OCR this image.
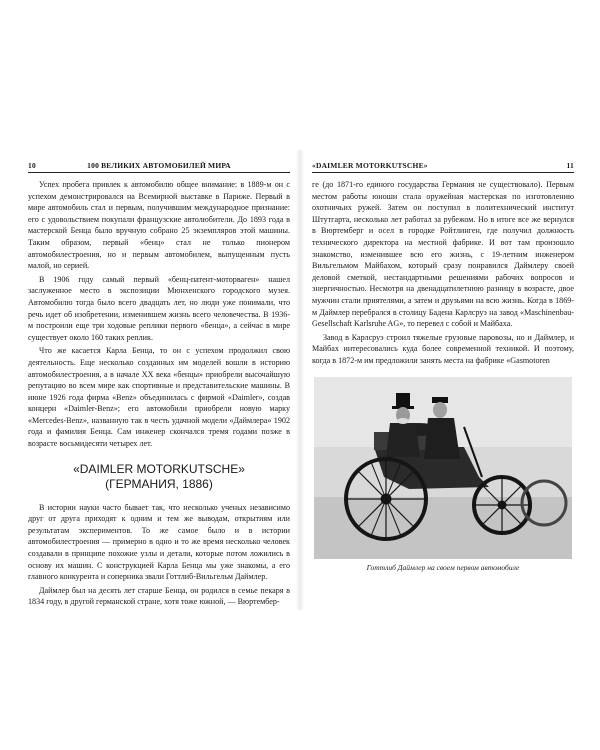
10	100 ВЕЛИКИХ АВТОМОБИЛЕЙ МИРА

Успех пробега привлек к автомобилю общее внимание: в 1889-м он с успехом демонстрировался на Всемирной выставке в Париже. Первый в мире автомобиль стал и первым, получившим международное признание: его с удовольствием покупали французские автолюбители. До 1893 года в мастерской Бенца было вручную собрано 25 экземпляров этой машины. Таким образом, первый «бенц» стал не только пионером автомобилестроения, но и первым автомобилем, выпущенным пусть малой, но серией.

В 1906 году самый первый «бенц-патент-моторваген» нашел заслуженное место в экспозиции Мюнхенского городского музея. Автомобилю тогда было всего двадцать лет, но люди уже понимали, что речь идет об изобретении, изменившем жизнь всего человечества. В 1936-м построили еще три ходовые реплики первого «бенца», а сейчас в мире существует около 160 таких реплик.

Что же касается Карла Бенца, то он с успехом продолжил свою деятельность. Еще несколько созданных им моделей вошли в историю автомобилестроения, а в начале XX века «бенцы» приобрели высочайшую репутацию во всем мире как спортивные и представительские машины. В июне 1926 года фирма «Benz» объединилась с фирмой «Daimler», создав концерн «Daimler-Benz»; его автомобили приобрели новую марку «Mercedes-Benz», названную так в честь удачной модели «Даймлера» 1902 года и фамилия Бенца. Сам инженер скончался тремя годами позже в возрасте восьмидесяти четырех лет.

«DAIMLER MOTORKUTSCHE»
(ГЕРМАНИЯ, 1886)

В истории науки часто бывает так, что несколько ученых независимо друг от друга приходят к одним и тем же выводам, открытиям или результатам экспериментов. То же самое было и в истории автомобилестроения — примерно в одно и то же время несколько человек создавали в принципе похожие узлы и детали, которые потом ложились в основу их машин. С конструкцией Карла Бенца мы уже знакомы, а его главного конкурента и соперника звали Готтлиб-Вильгельм Даймлер.

Даймлер был на десять лет старше Бенца, он родился в семье пекаря в 1834 году, в другой германской стране, хотя тоже южной, — Вюртембер-

«DAIMLER MOTORKUTSCHE»	11

ге (до 1871-го единого государства Германия не существовало). Первым местом работы юноши стала оружейная мастерская по изготовлению охотничьих ружей. Затем он поступил в политехнический институт Штутгарта, несколько лет работал за рубежом. Но в итоге все же вернулся в Вюртемберг и осел в городке Ройтлинген, где получил должность технического директора на местной фабрике. И вот там произошло знакомство, изменившее всю его жизнь, с 19-летним инженером Вильгельмом Майбахом, который сразу понравился Даймлеру своей деловой сметкой, нестандартными решениями рабочих вопросов и энергичностью. Несмотря на двенадцатилетнюю разницу в возрасте, двое мужчин стали приятелями, а затем и друзьями на всю жизнь. Когда в 1869-м Даймлер перебрался в столицу Бадена Карлсруэ на завод «Maschinenbau-Gesellschaft Karlsruhe AG», то перевел с собой и Майбаха.

Завод в Карлсруэ строил тяжелые грузовые паровозы, но и Даймлер, и Майбах интересовались куда более современной техникой. И поэтому, когда в 1872-м им предложили занять места на фабрике «Gasmotoren

Готтлиб Даймлер на своем первом автомобиле
